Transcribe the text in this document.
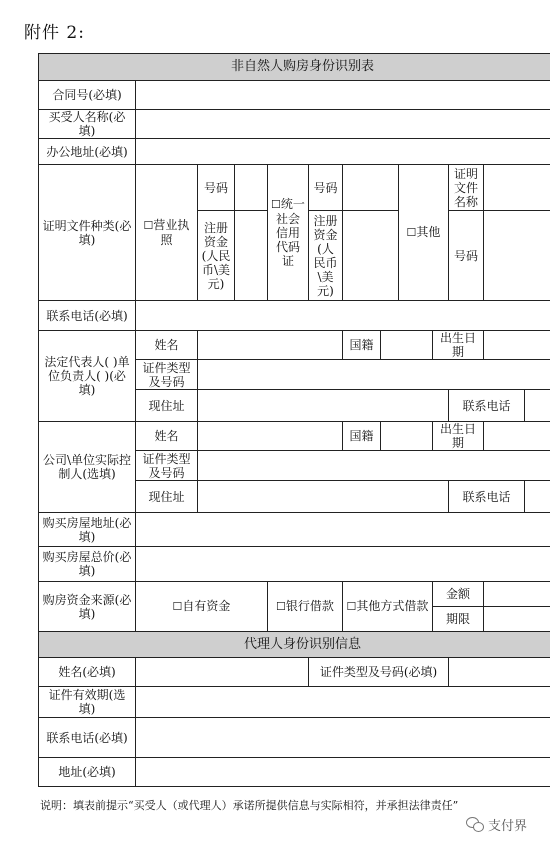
附件 2:
非自然人购房身份识别表												
合同号(必填)												
买受人名称(必填)												
办公地址(必填)												
证明文件种类(必填)	☐ 营业执照	号码		☐ 统一社会信用代码证	号码		☐ 其他		证明文件名称		
		注册资金(人民币\美元)			注册资金(人民币\美元)					号码		
联系电话(必填)												
法定代表人( )单位负责人( )(必填)	姓名					国籍			出生日期			
	证件类型及号码											
	现住址									联系电话		
公司\单位实际控制人(选填)	姓名					国籍			出生日期			
	证件类型及号码											
	现住址									联系电话		
购买房屋地址(必填)												
购买房屋总价(必填)												
购房资金来源(必填)	☐ 自有资金	☐银行借款	☐其他方式借款			金额			
									期限			
代理人身份识别信息												
姓名(必填)					证件类型及号码(必填)							
证件有效期(选填)												
联系电话(必填)												
地址(必填)												
说明：填表前提示“买受人（或代理人）承诺所提供信息与实际相符，并承担法律责任”
支付界
